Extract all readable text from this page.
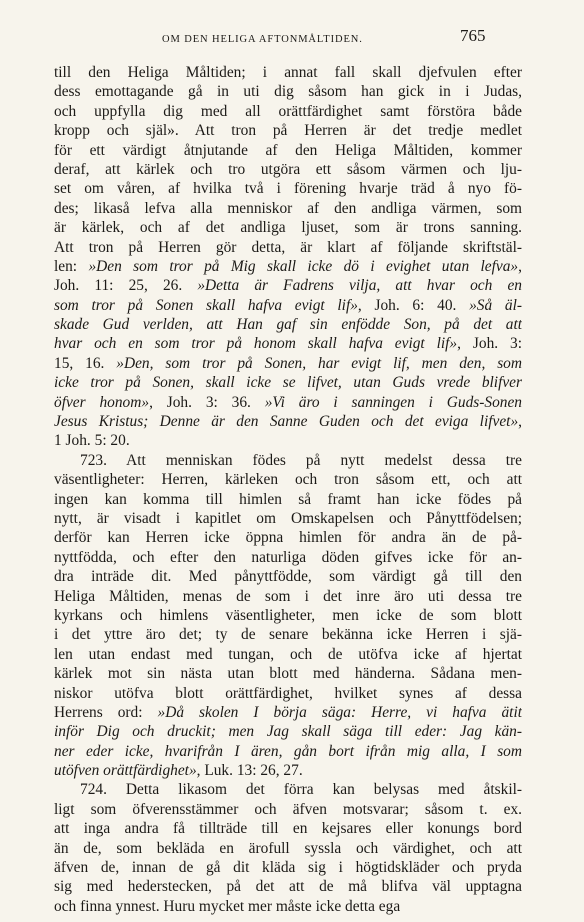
OM DEN HELIGA AFTONMÅLTIDEN.	765
till den Heliga Måltiden; i annat fall skall djefvulen efter
dess emottagande gå in uti dig såsom han gick in i Judas,
och uppfylla dig med all orättfärdighet samt förstöra både
kropp och själ». Att tron på Herren är det tredje medlet
för ett värdigt åtnjutande af den Heliga Måltiden, kommer
deraf, att kärlek och tro utgöra ett såsom värmen och lju-
set om våren, af hvilka två i förening hvarje träd å nyo fö-
des; likaså lefva alla menniskor af den andliga värmen, som
är kärlek, och af det andliga ljuset, som är trons sanning.
Att tron på Herren gör detta, är klart af följande skriftstäl-
len: »Den som tror på Mig skall icke dö i evighet utan lefva»,
Joh. 11: 25, 26. »Detta är Fadrens vilja, att hvar och en
som tror på Sonen skall hafva evigt lif», Joh. 6: 40. »Så äl-
skade Gud verlden, att Han gaf sin enfödde Son, på det att
hvar och en som tror på honom skall hafva evigt lif», Joh. 3:
15, 16. »Den, som tror på Sonen, har evigt lif, men den, som
icke tror på Sonen, skall icke se lifvet, utan Guds vrede blifver
öfver honom», Joh. 3: 36. »Vi äro i sanningen i Guds-Sonen
Jesus Kristus; Denne är den Sanne Guden och det eviga lifvet»,
1 Joh. 5: 20.
723. Att menniskan födes på nytt medelst dessa tre
väsentligheter: Herren, kärleken och tron såsom ett, och att
ingen kan komma till himlen så framt han icke födes på
nytt, är visadt i kapitlet om Omskapelsen och Pånyttfödelsen;
derför kan Herren icke öppna himlen för andra än de på-
nyttfödda, och efter den naturliga döden gifves icke för an-
dra inträde dit. Med pånyttfödde, som värdigt gå till den
Heliga Måltiden, menas de som i det inre äro uti dessa tre
kyrkans och himlens väsentligheter, men icke de som blott
i det yttre äro det; ty de senare bekänna icke Herren i sjä-
len utan endast med tungan, och de utöfva icke af hjertat
kärlek mot sin nästa utan blott med händerna. Sådana men-
niskor utöfva blott orättfärdighet, hvilket synes af dessa
Herrens ord: »Då skolen I börja säga: Herre, vi hafva ätit
inför Dig och druckit; men Jag skall säga till eder: Jag kän-
ner eder icke, hvarifrån I ären, gån bort ifrån mig alla, I som
utöfven orättfärdighet», Luk. 13: 26, 27.
724. Detta likasom det förra kan belysas med åtskil-
ligt som öfverensstämmer och äfven motsvarar; såsom t. ex.
att inga andra få tillträde till en kejsares eller konungs bord
än de, som bekläda en ärofull syssla och värdighet, och att
äfven de, innan de gå dit kläda sig i högtidskläder och pryda
sig med hederstecken, på det att de må blifva väl upptagna
och finna ynnest. Huru mycket mer måste icke detta ega
